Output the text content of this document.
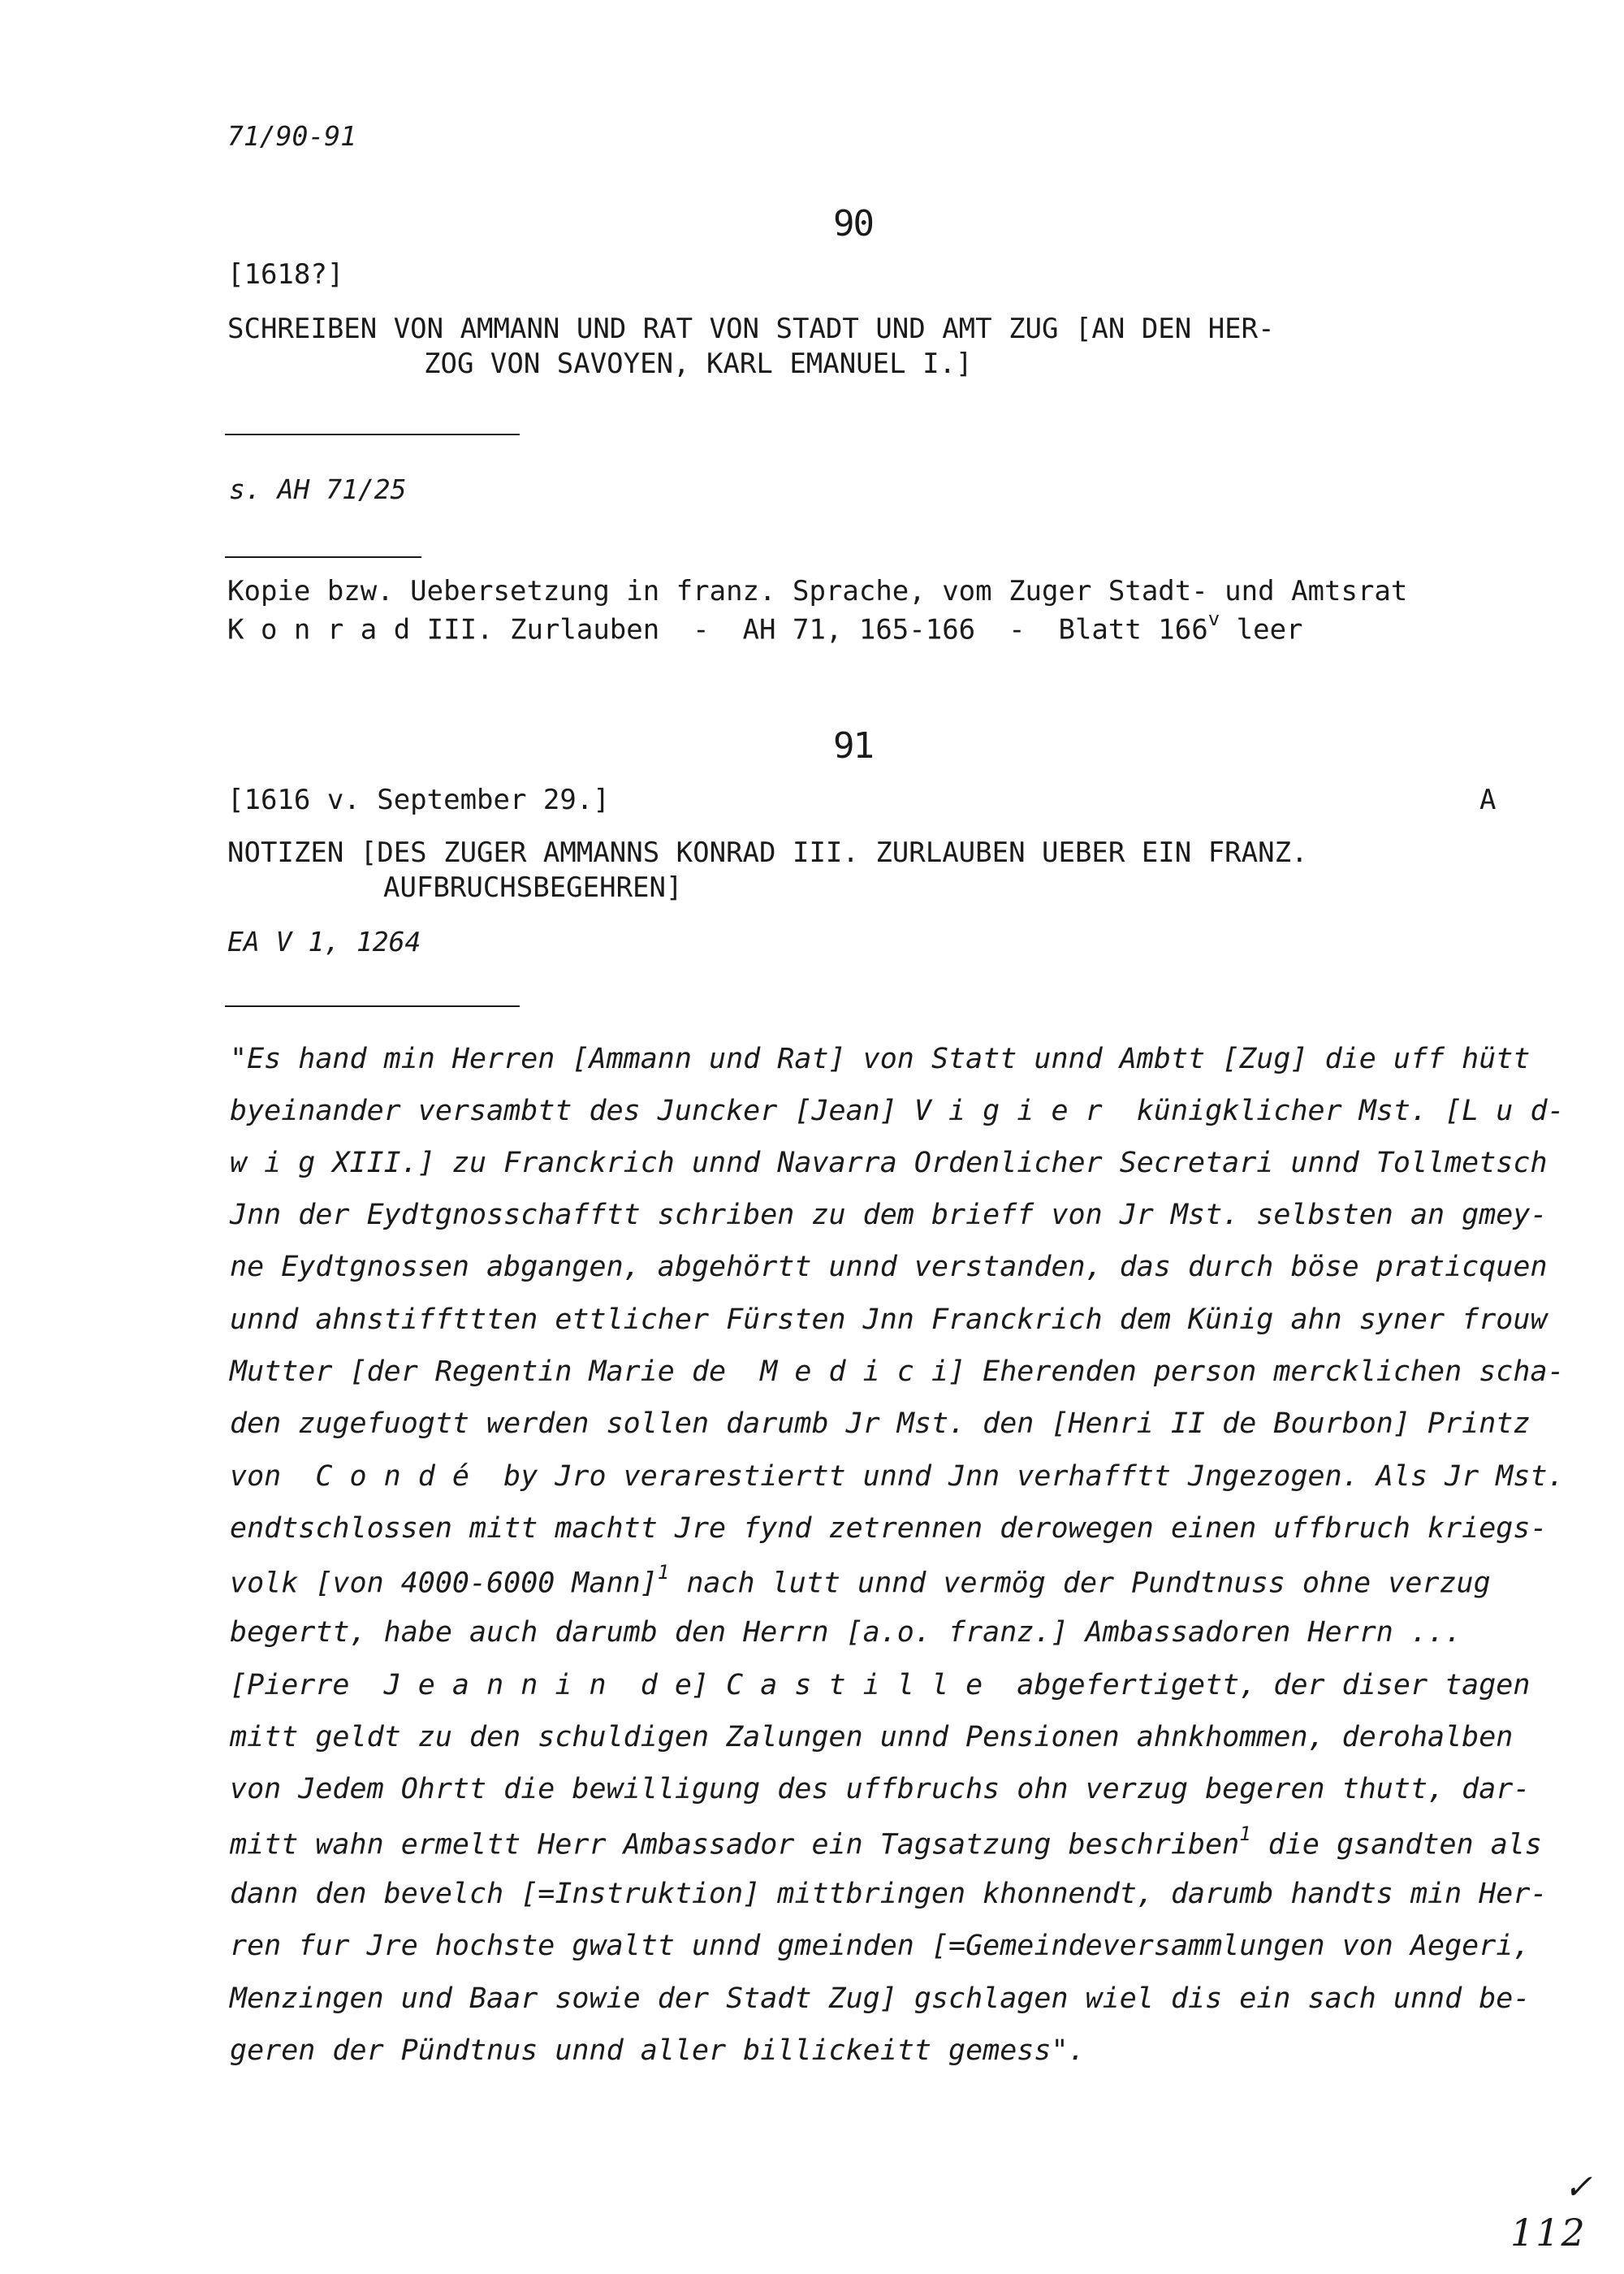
71/90-91
90
[1618?]
SCHREIBEN VON AMMANN UND RAT VON STADT UND AMT ZUG [AN DEN HER-
ZOG VON SAVOYEN, KARL EMANUEL I.]
s. AH 71/25
Kopie bzw. Uebersetzung in franz. Sprache, vom Zuger Stadt- und Amtsrat
K o n r a d III. Zurlauben  -  AH 71, 165-166  -  Blatt 166$^v$ leer
91
[1616 v. September 29.]	A
NOTIZEN [DES ZUGER AMMANNS KONRAD III. ZURLAUBEN UEBER EIN FRANZ.
AUFBRUCHSBEGEHREN]
EA V 1, 1264
"Es hand min Herren [Ammann und Rat] von Statt unnd Ambtt [Zug] die uff hütt
byeinander versambtt des Juncker [Jean] V i g i e r  künigklicher Mst. [L u d-
w i g XIII.] zu Franckrich unnd Navarra Ordenlicher Secretari unnd Tollmetsch
Jnn der Eydtgnosschafftt schriben zu dem brieff von Jr Mst. selbsten an gmey-
ne Eydtgnossen abgangen, abgehörtt unnd verstanden, das durch böse praticquen
unnd ahnstiffttten ettlicher Fürsten Jnn Franckrich dem Künig ahn syner frouw
Mutter [der Regentin Marie de  M e d i c i] Eherenden person mercklichen scha-
den zugefuogtt werden sollen darumb Jr Mst. den [Henri II de Bourbon] Printz
von  C o n d é  by Jro verarestiertt unnd Jnn verhafftt Jngezogen. Als Jr Mst.
endtschlossen mitt machtt Jre fynd zetrennen derowegen einen uffbruch kriegs-
volk [von 4000-6000 Mann]$^1$ nach lutt unnd vermög der Pundtnuss ohne verzug
begertt, habe auch darumb den Herrn [a.o. franz.] Ambassadoren Herrn ...
[Pierre  J e a n n i n  d e] C a s t i l l e  abgefertigett, der diser tagen
mitt geldt zu den schuldigen Zalungen unnd Pensionen ahnkhommen, derohalben
von Jedem Ohrtt die bewilligung des uffbruchs ohn verzug begeren thutt, dar-
mitt wahn ermeltt Herr Ambassador ein Tagsatzung beschriben$^1$ die gsandten als
dann den bevelch [=Instruktion] mittbringen khonnendt, darumb handts min Her-
ren fur Jre hochste gwaltt unnd gmeinden [=Gemeindeversammlungen von Aegeri,
Menzingen und Baar sowie der Stadt Zug] gschlagen wiel dis ein sach unnd be-
geren der Pündtnus unnd aller billickeitt gemess".
✓
112
